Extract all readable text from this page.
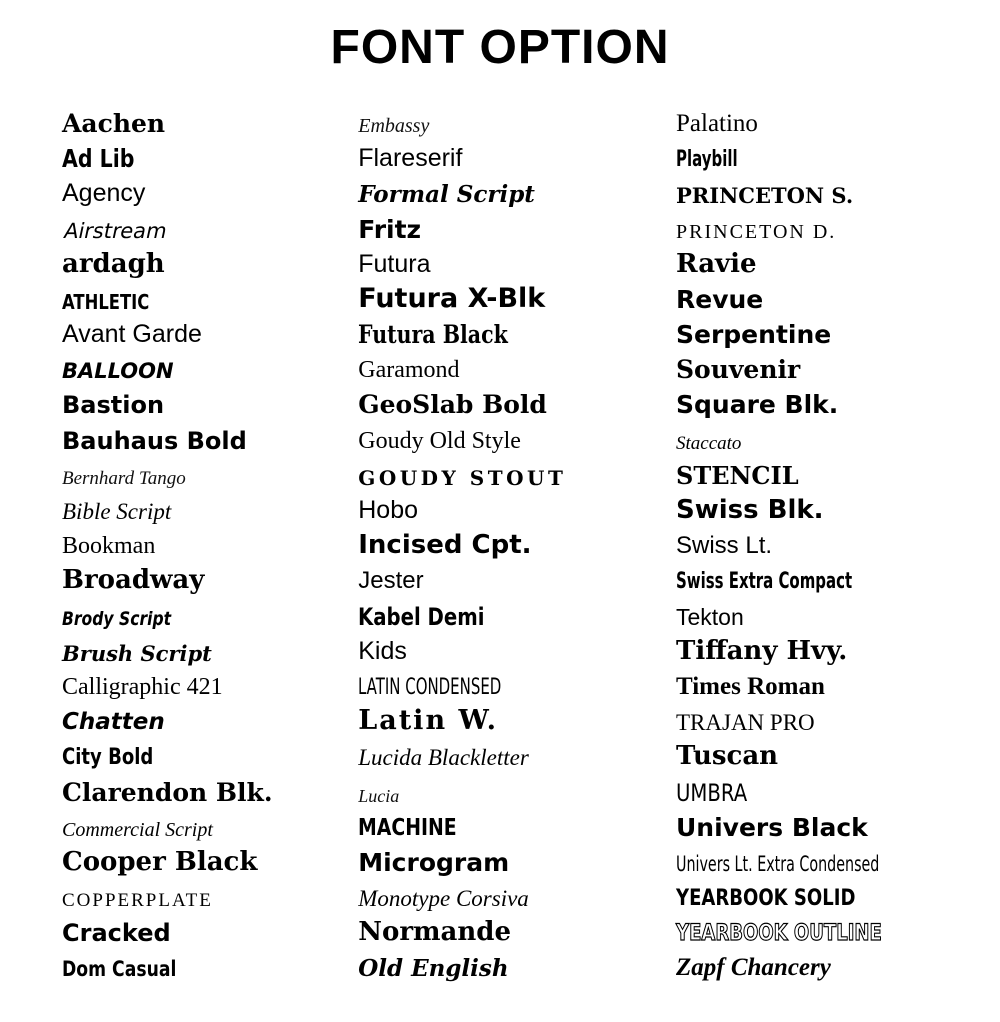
FONT OPTION
Aachen
Ad Lib
Agency
Airstream
ardagh
ATHLETIC
Avant Garde
BALLOON
Bastion
Bauhaus Bold
Bernhard Tango
Bible Script
Bookman
Broadway
Brody Script
Brush Script
Calligraphic 421
Chatten
City Bold
Clarendon Blk.
Commercial Script
Cooper Black
COPPERPLATE
Cracked
Dom Casual
Embassy
Flareserif
Formal Script
Fritz
Futura
Futura X-Blk
Futura Black
Garamond
GeoSlab Bold
Goudy Old Style
GOUDY STOUT
Hobo
Incised Cpt.
Jester
Kabel Demi
Kids
LATIN CONDENSED
Latin W.
Lucida Blackletter
Lucia
MACHINE
Microgram
Monotype Corsiva
Normande
Old English
Palatino
Playbill
PRINCETON S.
PRINCETON D.
Ravie
Revue
Serpentine
Souvenir
Square Blk.
Staccato
STENCIL
Swiss Blk.
Swiss Lt.
Swiss Extra Compact
Tekton
Tiffany Hvy.
Times Roman
TRAJAN PRO
Tuscan
UMBRA
Univers Black
Univers Lt. Extra Condensed
YEARBOOK SOLID
YEARBOOK OUTLINE
Zapf Chancery
